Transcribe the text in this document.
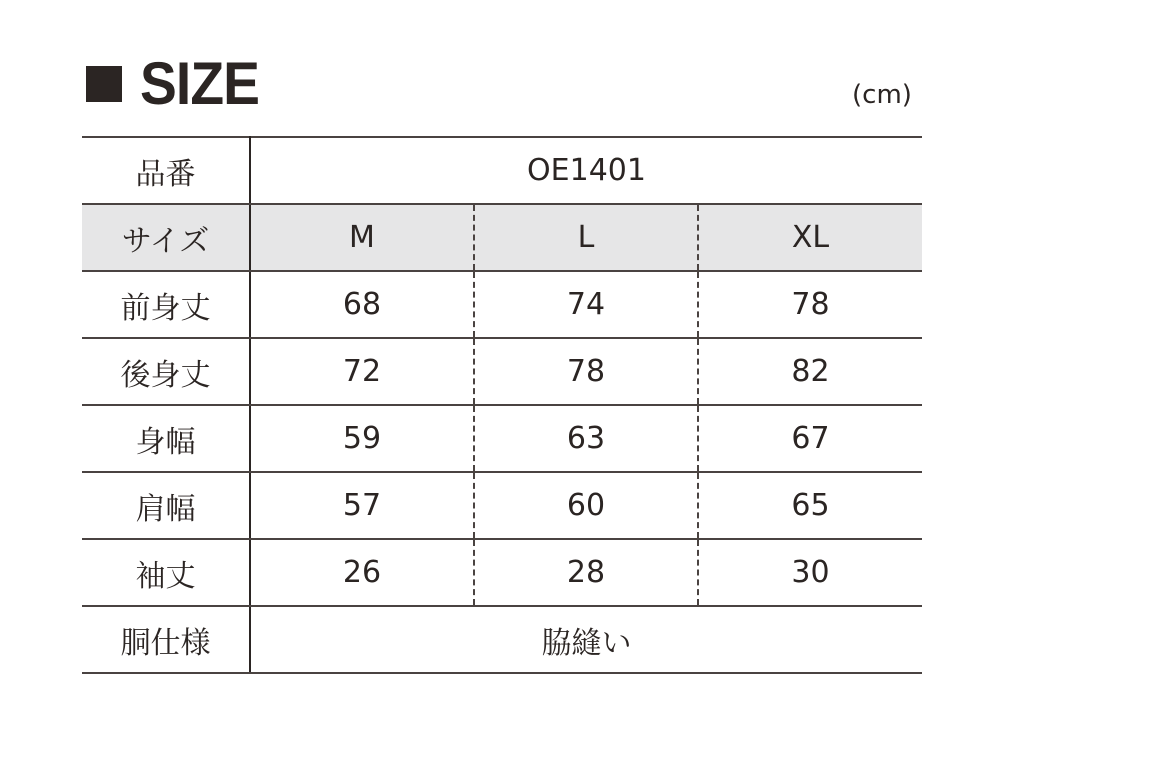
SIZE	(cm)
品番	OE1401		
サイズ	M	L	XL
前身丈	68	74	78
後身丈	72	78	82
身幅	59	63	67
肩幅	57	60	65
袖丈	26	28	30
胴仕様	脇縫い		
